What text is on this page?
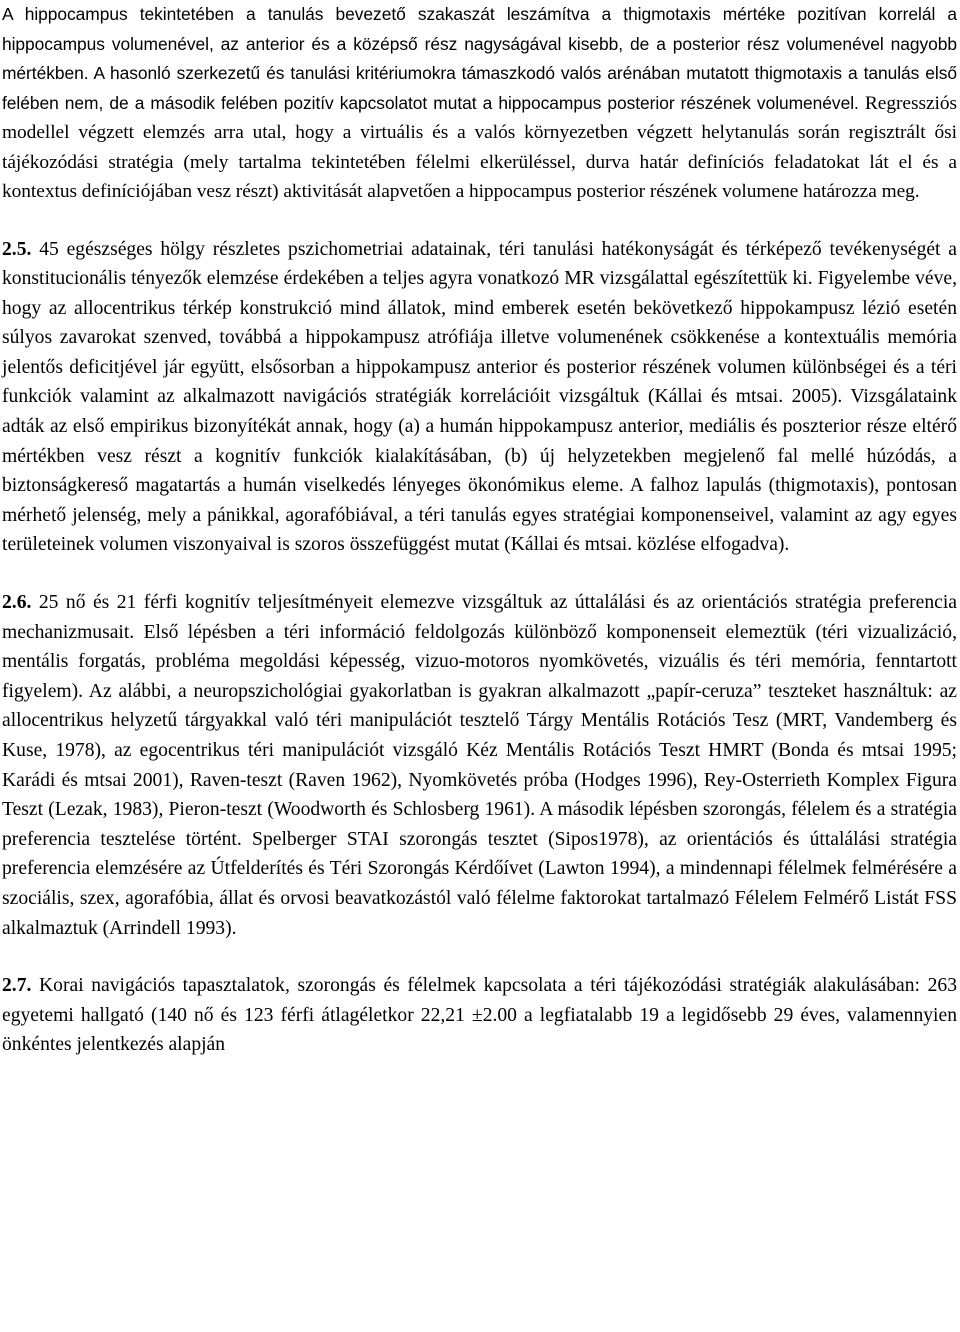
A hippocampus tekintetében a tanulás bevezető szakaszát leszámítva a thigmotaxis mértéke pozitívan korrelál a hippocampus volumenével, az anterior és a középső rész nagyságával kisebb, de a posterior rész volumenével nagyobb mértékben. A hasonló szerkezetű és tanulási kritériumokra támaszkodó valós arénában mutatott thigmotaxis a tanulás első felében nem, de a második felében pozitív kapcsolatot mutat a hippocampus posterior részének volumenével. Regressziós modellel végzett elemzés arra utal, hogy a virtuális és a valós környezetben végzett helytanulás során regisztrált ősi tájékozódási stratégia (mely tartalma tekintetében félelmi elkerüléssel, durva határ definíciós feladatokat lát el és a kontextus definíciójában vesz részt) aktivitását alapvetően a hippocampus posterior részének volumene határozza meg.

2.5. 45 egészséges hölgy részletes pszichometriai adatainak, téri tanulási hatékonyságát és térképező tevékenységét a konstitucionális tényezők elemzése érdekében a teljes agyra vonatkozó MR vizsgálattal egészítettük ki. Figyelembe véve, hogy az allocentrikus térkép konstrukció mind állatok, mind emberek esetén bekövetkező hippokampusz lézió esetén súlyos zavarokat szenved, továbbá a hippokampusz atrófiája illetve volumenének csökkenése a kontextuális memória jelentős deficitjével jár együtt, elsősorban a hippokampusz anterior és posterior részének volumen különbségei és a téri funkciók valamint az alkalmazott navigációs stratégiák korrelációit vizsgáltuk (Kállai és mtsai. 2005). Vizsgálataink adták az első empirikus bizonyítékát annak, hogy (a) a humán hippokampusz anterior, mediális és poszterior része eltérő mértékben vesz részt a kognitív funkciók kialakításában, (b) új helyzetekben megjelenő fal mellé húzódás, a biztonságkereső magatartás a humán viselkedés lényeges ökonómikus eleme. A falhoz lapulás (thigmotaxis), pontosan mérhető jelenség, mely a pánikkal, agorafóbiával, a téri tanulás egyes stratégiai komponenseivel, valamint az agy egyes területeinek volumen viszonyaival is szoros összefüggést mutat (Kállai és mtsai. közlése elfogadva).

2.6. 25 nő és 21 férfi kognitív teljesítményeit elemezve vizsgáltuk az úttalálási és az orientációs stratégia preferencia mechanizmusait. Első lépésben a téri információ feldolgozás különböző komponenseit elemeztük (téri vizualizáció, mentális forgatás, probléma megoldási képesség, vizuo-motoros nyomkövetés, vizuális és téri memória, fenntartott figyelem). Az alábbi, a neuropszichológiai gyakorlatban is gyakran alkalmazott „papír-ceruza” teszteket használtuk: az allocentrikus helyzetű tárgyakkal való téri manipulációt tesztelő Tárgy Mentális Rotációs Tesz (MRT, Vandemberg és Kuse, 1978), az egocentrikus téri manipulációt vizsgáló Kéz Mentális Rotációs Teszt HMRT (Bonda és mtsai 1995; Karádi és mtsai 2001), Raven-teszt (Raven 1962), Nyomkövetés próba (Hodges 1996), Rey-Osterrieth Komplex Figura Teszt (Lezak, 1983), Pieron-teszt (Woodworth és Schlosberg 1961). A második lépésben szorongás, félelem és a stratégia preferencia tesztelése történt. Spelberger STAI szorongás tesztet (Sipos1978), az orientációs és úttalálási stratégia preferencia elemzésére az Útfelderítés és Téri Szorongás Kérdőívet (Lawton 1994), a mindennapi félelmek felmérésére a szociális, szex, agorafóbia, állat és orvosi beavatkozástól való félelme faktorokat tartalmazó Félelem Felmérő Listát FSS alkalmaztuk (Arrindell 1993).

2.7. Korai navigációs tapasztalatok, szorongás és félelmek kapcsolata a téri tájékozódási stratégiák alakulásában: 263 egyetemi hallgató (140 nő és 123 férfi átlagéletkor 22,21 ±2.00 a legfiatalabb 19 a legidősebb 29 éves, valamennyien önkéntes jelentkezés alapján
